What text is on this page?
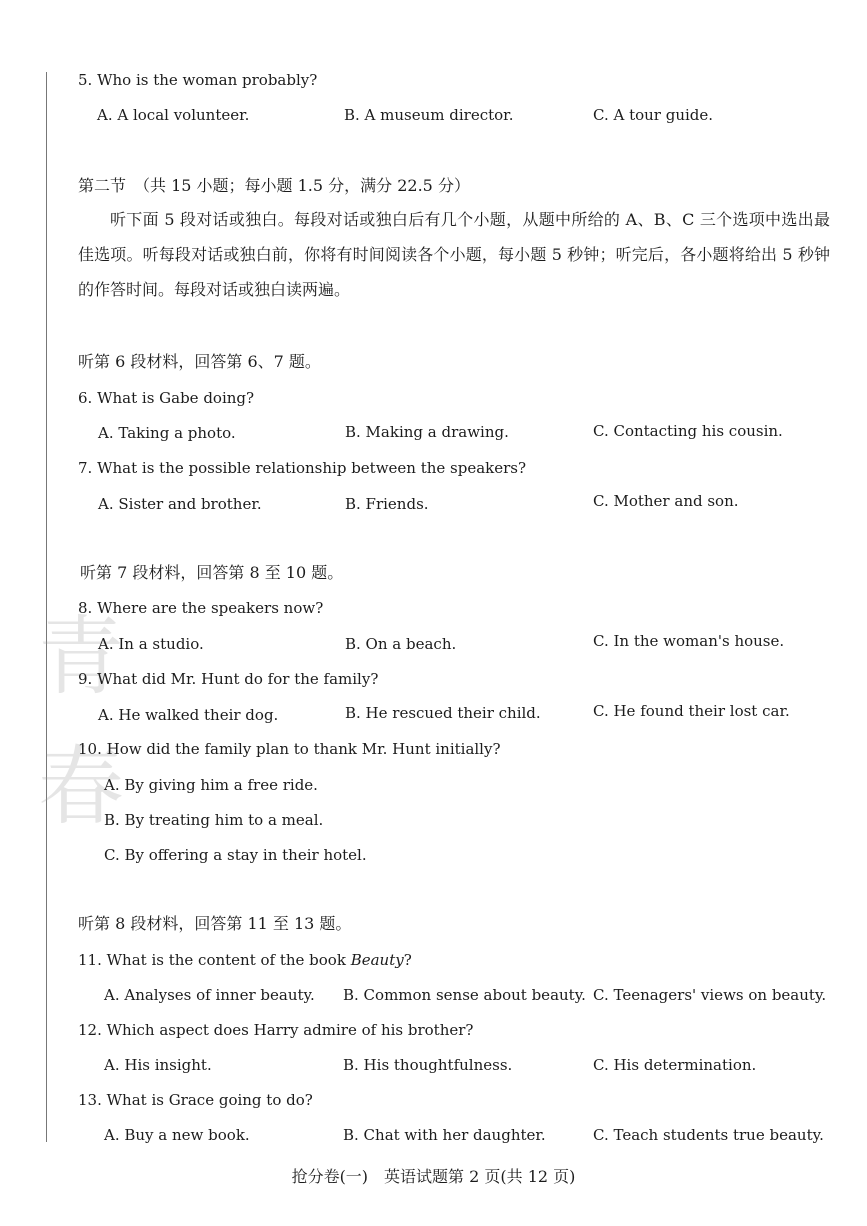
5. Who is the woman probably?
A. A local volunteer.	B. A museum director.	C. A tour guide.
第二节　（共 15 小题；每小题 1.5 分，满分 22.5 分）
听下面 5 段对话或独白。每段对话或独白后有几个小题，从题中所给的 A、B、C 三个选项中选出最佳选项。听每段对话或独白前，你将有时间阅读各个小题，每小题 5 秒钟；听完后，各小题将给出 5 秒钟的作答时间。每段对话或独白读两遍。
听第 6 段材料，回答第 6、7 题。
6. What is Gabe doing?
A. Taking a photo.	B. Making a drawing.	C. Contacting his cousin.
7. What is the possible relationship between the speakers?
A. Sister and brother.	B. Friends.	C. Mother and son.
听第 7 段材料，回答第 8 至 10 题。
青春
8. Where are the speakers now?
A. In a studio.	B. On a beach.	C. In the woman's house.
9. What did Mr. Hunt do for the family?
A. He walked their dog.	B. He rescued their child.	C. He found their lost car.
10. How did the family plan to thank Mr. Hunt initially?
A. By giving him a free ride.
B. By treating him to a meal.
C. By offering a stay in their hotel.
听第 8 段材料，回答第 11 至 13 题。
11. What is the content of the book Beauty?
A. Analyses of inner beauty. B. Common sense about beauty. C. Teenagers' views on beauty.
12. Which aspect does Harry admire of his brother?
A. His insight.	B. His thoughtfulness.	C. His determination.
13. What is Grace going to do?
A. Buy a new book.	B. Chat with her daughter.	C. Teach students true beauty.
抢分卷(一)　英语试题第 2 页(共 12 页)
